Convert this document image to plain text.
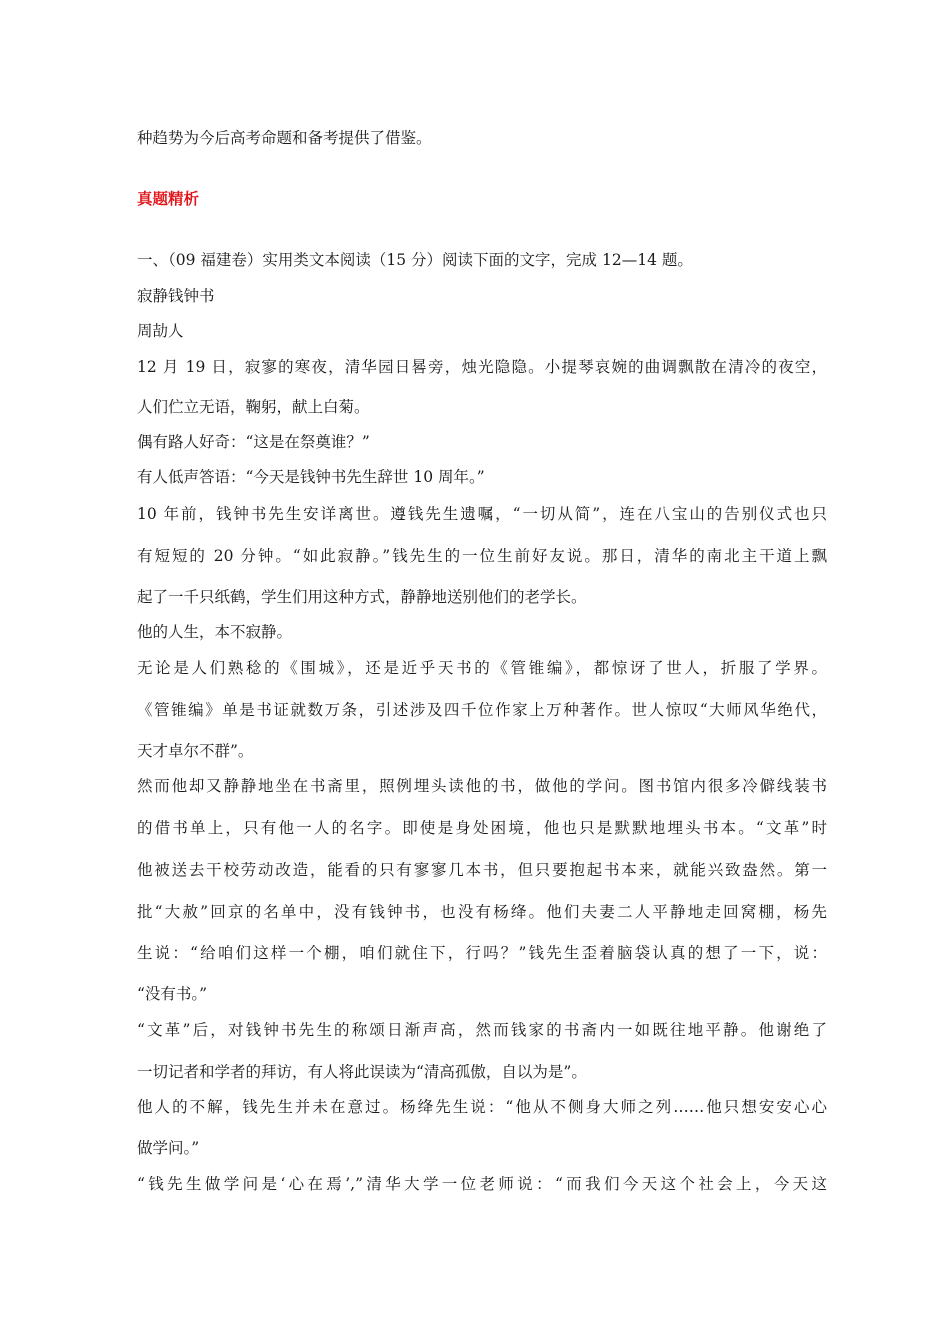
种趋势为今后高考命题和备考提供了借鉴。
真题精析
一、（09 福建卷）实用类文本阅读（15 分）阅读下面的文字，完成 12—14 题。
寂静钱钟书
周劼人
12 月 19 日，寂寥的寒夜，清华园日晷旁，烛光隐隐。小提琴哀婉的曲调飘散在清冷的夜空，
人们伫立无语，鞠躬，献上白菊。
偶有路人好奇：“这是在祭奠谁？”
有人低声答语：“今天是钱钟书先生辞世 10 周年。”
10 年前，钱钟书先生安详离世。遵钱先生遗嘱，“一切从简”，连在八宝山的告别仪式也只
有短短的 20 分钟。“如此寂静。”钱先生的一位生前好友说。那日，清华的南北主干道上飘
起了一千只纸鹤，学生们用这种方式，静静地送别他们的老学长。
他的人生，本不寂静。
无论是人们熟稔的《围城》，还是近乎天书的《管锥编》，都惊讶了世人，折服了学界。
《管锥编》单是书证就数万条，引述涉及四千位作家上万种著作。世人惊叹“大师风华绝代，
天才卓尔不群”。
然而他却又静静地坐在书斋里，照例埋头读他的书，做他的学问。图书馆内很多冷僻线装书
的借书单上，只有他一人的名字。即使是身处困境，他也只是默默地埋头书本。“文革”时
他被送去干校劳动改造，能看的只有寥寥几本书，但只要抱起书本来，就能兴致盎然。第一
批“大赦”回京的名单中，没有钱钟书，也没有杨绛。他们夫妻二人平静地走回窝棚，杨先
生说：“给咱们这样一个棚，咱们就住下，行吗？”钱先生歪着脑袋认真的想了一下，说：
“没有书。”
“文革”后，对钱钟书先生的称颂日渐声高，然而钱家的书斋内一如既往地平静。他谢绝了
一切记者和学者的拜访，有人将此误读为“清高孤傲，自以为是”。
他人的不解，钱先生并未在意过。杨绛先生说：“他从不侧身大师之列……他只想安安心心
做学问。”
“钱先生做学问是‘心在焉’,”清华大学一位老师说：“而我们今天这个社会上，今天这
